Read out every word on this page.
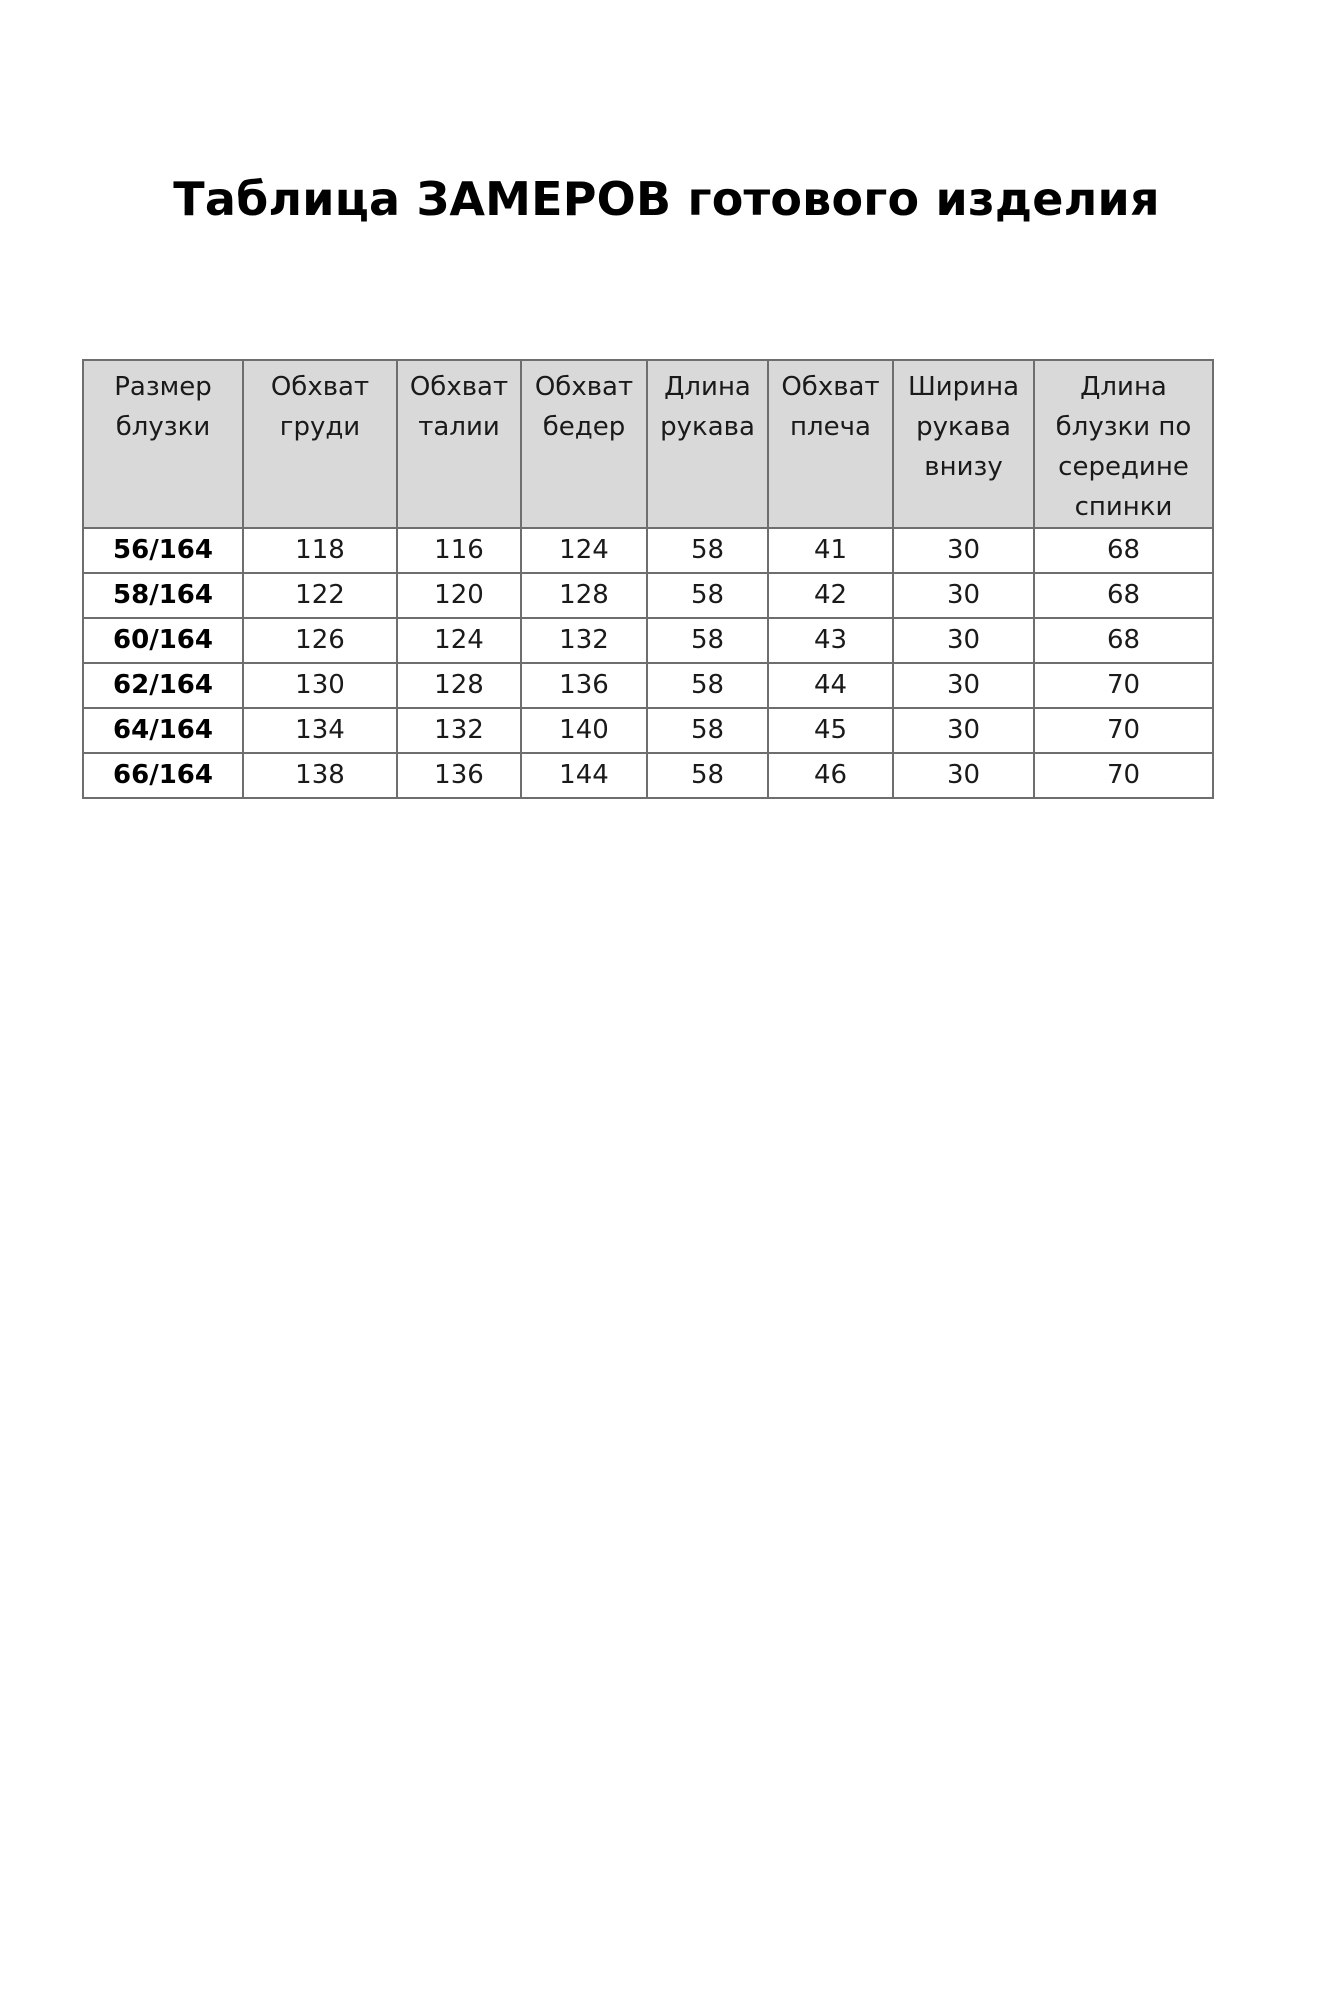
Таблица ЗАМЕРОВ готового изделия
Размер блузки	Обхват груди	Обхват талии	Обхват бедер	Длина рукава	Обхват плеча	Ширина рукава внизу	Длина блузки по середине спинки
56/164	118	116	124	58	41	30	68
58/164	122	120	128	58	42	30	68
60/164	126	124	132	58	43	30	68
62/164	130	128	136	58	44	30	70
64/164	134	132	140	58	45	30	70
66/164	138	136	144	58	46	30	70
